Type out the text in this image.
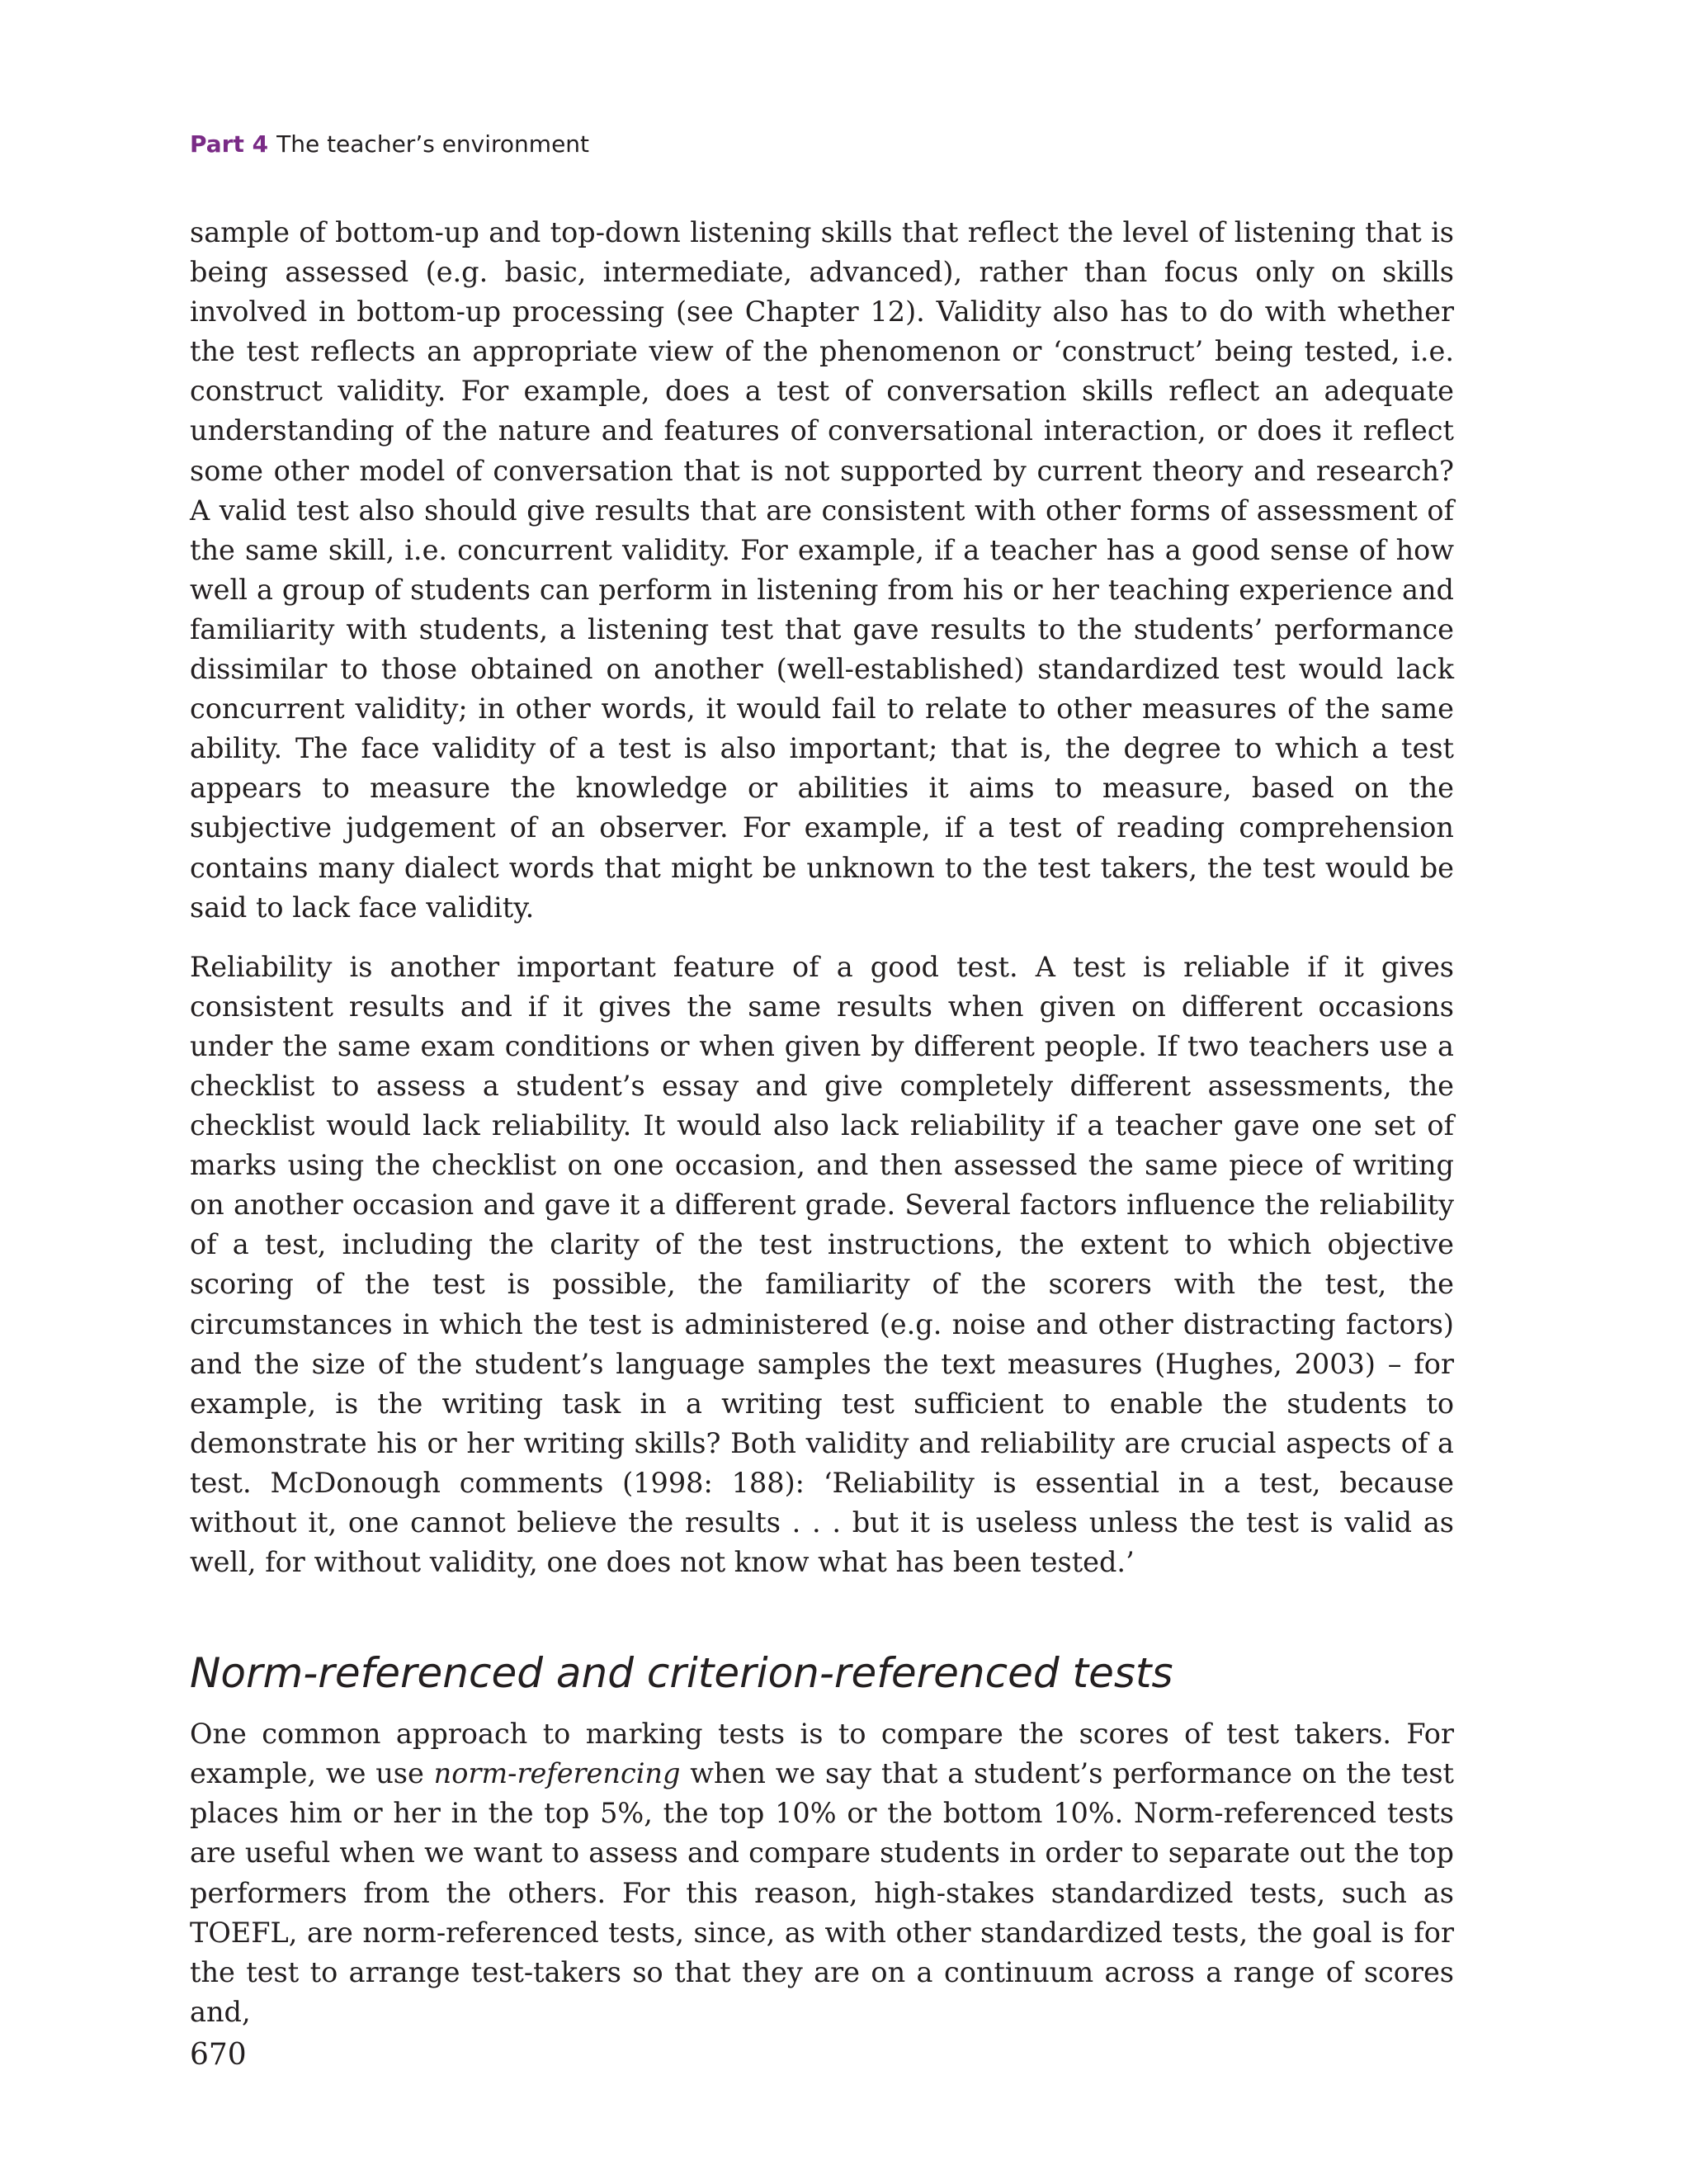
Part 4 The teacher’s environment

sample of bottom-up and top-down listening skills that reflect the level of listening that is being assessed (e.g. basic, intermediate, advanced), rather than focus only on skills involved in bottom-up processing (see Chapter 12). Validity also has to do with whether the test reflects an appropriate view of the phenomenon or ‘construct’ being tested, i.e. construct validity. For example, does a test of conversation skills reflect an adequate understanding of the nature and features of conversational interaction, or does it reflect some other model of conversation that is not supported by current theory and research? A valid test also should give results that are consistent with other forms of assessment of the same skill, i.e. concurrent validity. For example, if a teacher has a good sense of how well a group of students can perform in listening from his or her teaching experience and familiarity with students, a listening test that gave results to the students’ performance dissimilar to those obtained on another (well-established) standardized test would lack concurrent validity; in other words, it would fail to relate to other measures of the same ability. The face validity of a test is also important; that is, the degree to which a test appears to measure the knowledge or abilities it aims to measure, based on the subjective judgement of an observer. For example, if a test of reading comprehension contains many dialect words that might be unknown to the test takers, the test would be said to lack face validity.

Reliability is another important feature of a good test. A test is reliable if it gives consistent results and if it gives the same results when given on different occasions under the same exam conditions or when given by different people. If two teachers use a checklist to assess a student’s essay and give completely different assessments, the checklist would lack reliability. It would also lack reliability if a teacher gave one set of marks using the checklist on one occasion, and then assessed the same piece of writing on another occasion and gave it a different grade. Several factors influence the reliability of a test, including the clarity of the test instructions, the extent to which objective scoring of the test is possible, the familiarity of the scorers with the test, the circumstances in which the test is administered (e.g. noise and other distracting factors) and the size of the student’s language samples the text measures (Hughes, 2003) – for example, is the writing task in a writing test sufficient to enable the students to demonstrate his or her writing skills? Both validity and reliability are crucial aspects of a test. McDonough comments (1998: 188): ‘Reliability is essential in a test, because without it, one cannot believe the results . . . but it is useless unless the test is valid as well, for without validity, one does not know what has been tested.’

Norm-referenced and criterion-referenced tests

One common approach to marking tests is to compare the scores of test takers. For example, we use norm-referencing when we say that a student’s performance on the test places him or her in the top 5%, the top 10% or the bottom 10%. Norm-referenced tests are useful when we want to assess and compare students in order to separate out the top performers from the others. For this reason, high-stakes standardized tests, such as TOEFL, are norm-referenced tests, since, as with other standardized tests, the goal is for the test to arrange test-takers so that they are on a continuum across a range of scores and,

670
